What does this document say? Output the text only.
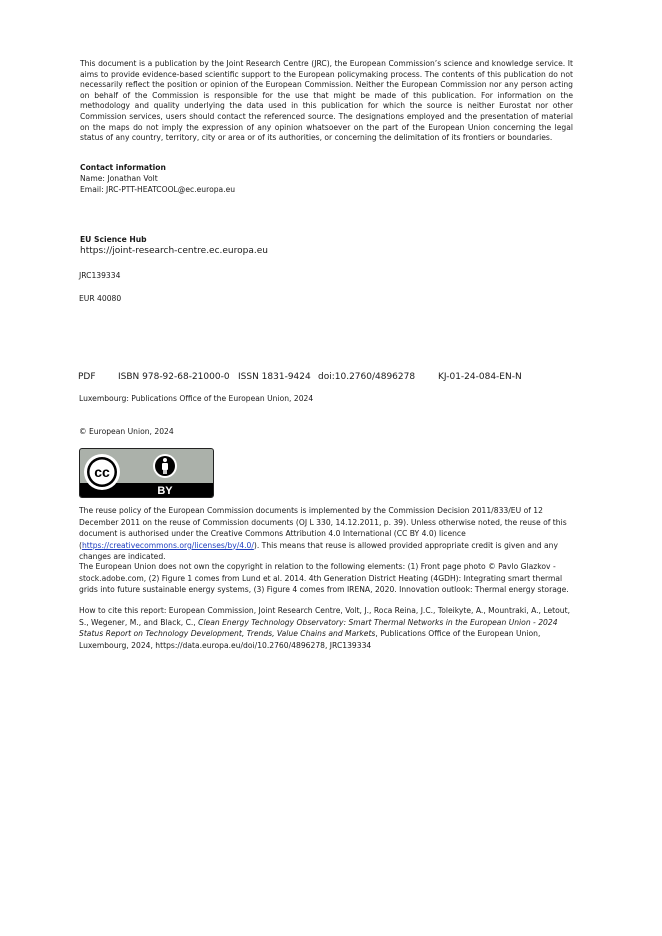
This document is a publication by the Joint Research Centre (JRC), the European Commission’s science and knowledge service. It aims to provide evidence-based scientific support to the European policymaking process. The contents of this publication do not necessarily reflect the position or opinion of the European Commission. Neither the European Commission nor any person acting on behalf of the Commission is responsible for the use that might be made of this publication. For information on the methodology and quality underlying the data used in this publication for which the source is neither Eurostat nor other Commission services, users should contact the referenced source. The designations employed and the presentation of material on the maps do not imply the expression of any opinion whatsoever on the part of the European Union concerning the legal status of any country, territory, city or area or of its authorities, or concerning the delimitation of its frontiers or boundaries.
Contact information
Name: Jonathan Volt
Email: JRC-PTT-HEATCOOL@ec.europa.eu
EU Science Hub
https://joint-research-centre.ec.europa.eu
JRC139334
EUR 40080
PDF ISBN 978-92-68-21000-0 ISSN 1831-9424 doi:10.2760/4896278	KJ-01-24-084-EN-N
Luxembourg: Publications Office of the European Union, 2024
© European Union, 2024
cc
BY
The reuse policy of the European Commission documents is implemented by the Commission Decision 2011/833/EU of 12 December 2011 on the reuse of Commission documents (OJ L 330, 14.12.2011, p. 39). Unless otherwise noted, the reuse of this document is authorised under the Creative Commons Attribution 4.0 International (CC BY 4.0) licence (https://creativecommons.org/licenses/by/4.0/). This means that reuse is allowed provided appropriate credit is given and any changes are indicated.
The European Union does not own the copyright in relation to the following elements: (1) Front page photo © Pavlo Glazkov - stock.adobe.com, (2) Figure 1 comes from Lund et al. 2014. 4th Generation District Heating (4GDH): Integrating smart thermal grids into future sustainable energy systems, (3) Figure 4 comes from IRENA, 2020. Innovation outlook: Thermal energy storage.
How to cite this report: European Commission, Joint Research Centre, Volt, J., Roca Reina, J.C., Toleikyte, A., Mountraki, A., Letout, S., Wegener, M., and Black, C., Clean Energy Technology Observatory: Smart Thermal Networks in the European Union - 2024 Status Report on Technology Development, Trends, Value Chains and Markets, Publications Office of the European Union, Luxembourg, 2024, https://data.europa.eu/doi/10.2760/4896278, JRC139334
